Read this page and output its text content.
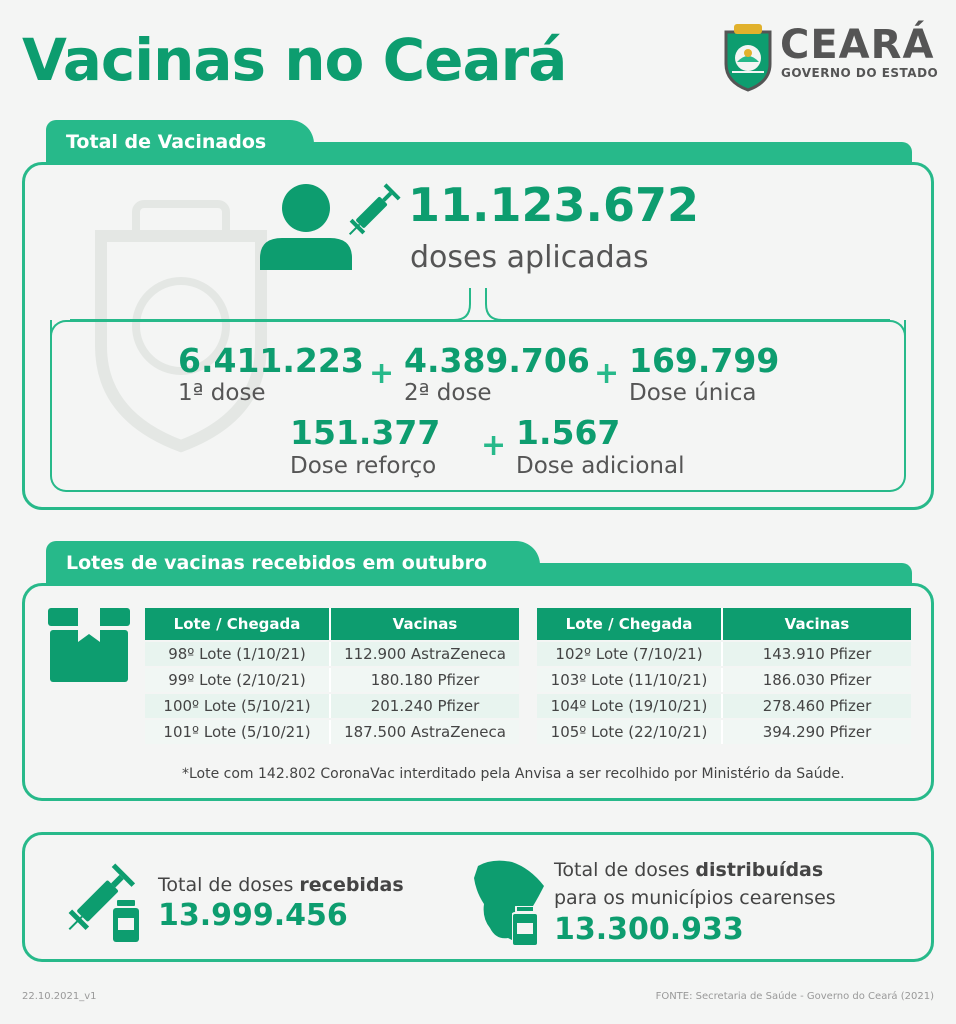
Vacinas no Ceará	CEARÁ
GOVERNO DO ESTADO
Total de Vacinados
11.123.672
doses aplicadas
6.411.223
1ª dose
+ 4.389.706
2ª dose
+ 169.799
Dose única
151.377
Dose reforço
+ 1.567
Dose adicional
Lotes de vacinas recebidos em outubro
Lote / Chegada	Vacinas
98º Lote (1/10/21)	112.900 AstraZeneca
99º Lote (2/10/21)	180.180 Pfizer
100º Lote (5/10/21)	201.240 Pfizer
101º Lote (5/10/21)	187.500 AstraZeneca
Lote / Chegada	Vacinas
102º Lote (7/10/21)	143.910 Pfizer
103º Lote (11/10/21)	186.030 Pfizer
104º Lote (19/10/21)	278.460 Pfizer
105º Lote (22/10/21)	394.290 Pfizer
*Lote com 142.802 CoronaVac interditado pela Anvisa a ser recolhido por Ministério da Saúde.
Total de doses recebidas
13.999.456
Total de doses distribuídas
para os municípios cearenses
13.300.933
22.10.2021_v1	FONTE: Secretaria de Saúde - Governo do Ceará (2021)
